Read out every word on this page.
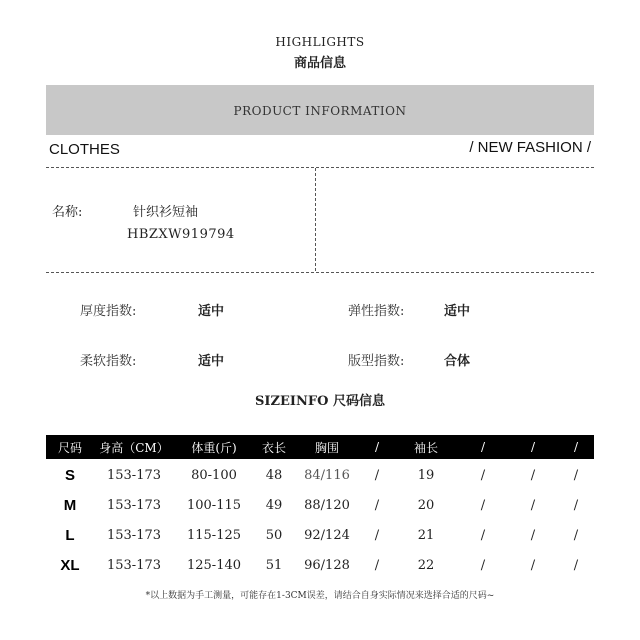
HIGHLIGHTS
商品信息
PRODUCT INFORMATION
CLOTHES	/ NEW FASHION /
名称:	针织衫短袖
HBZXW919794
厚度指数:	适中	弹性指数:	适中
柔软指数:	适中	版型指数:	合体
SIZEINFO 尺码信息
尺码	身高（CM）	体重(斤)	衣长	胸围	/	袖长	/	/	/
S	153-173	80-100	48	84/116	/	19	/	/	/
M	153-173	100-115	49	88/120	/	20	/	/	/
L	153-173	115-125	50	92/124	/	21	/	/	/
XL	153-173	125-140	51	96/128	/	22	/	/	/
*以上数据为手工测量，可能存在1-3CM误差，请结合自身实际情况来选择合适的尺码~
